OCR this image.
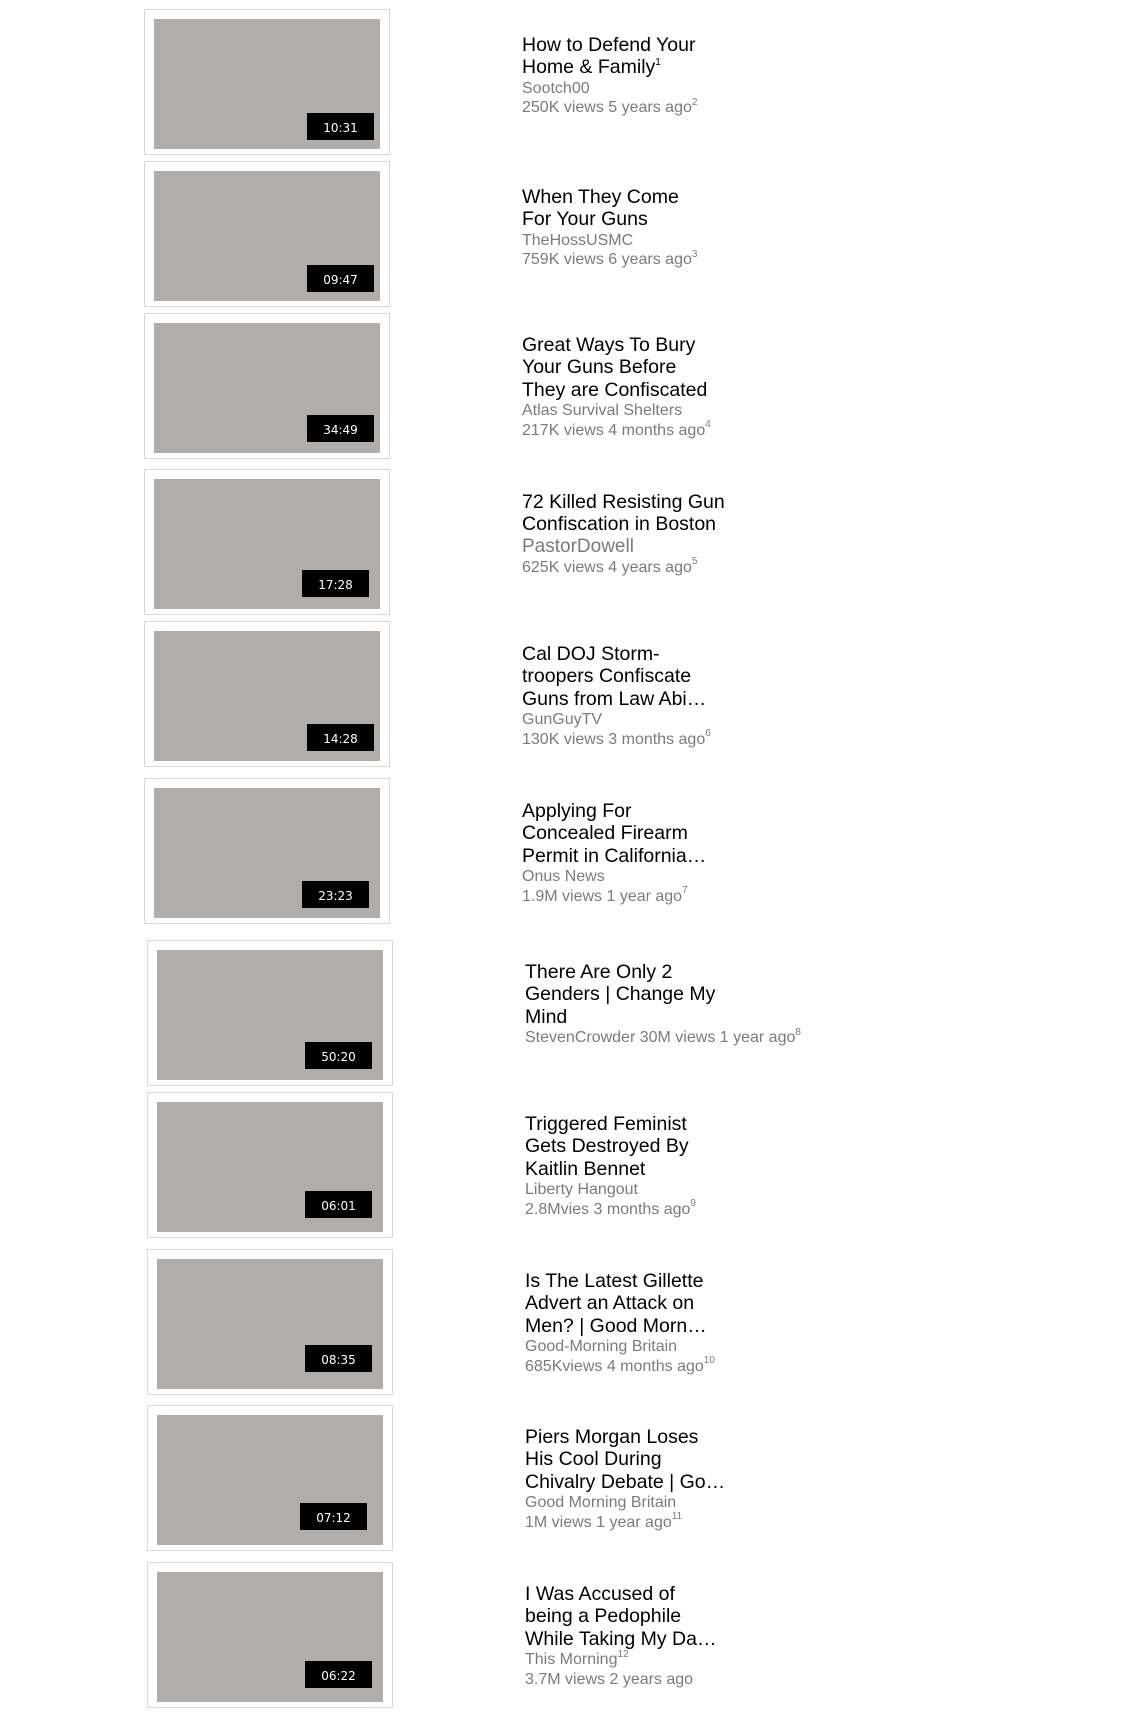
10:31
How to Defend Your
Home & Family$^1$
Sootch00
250K views 5 years ago$^2$
09:47
When They Come
For Your Guns
TheHossUSMC
759K views 6 years ago$^3$
34:49
Great Ways To Bury
Your Guns Before
They are Confiscated
Atlas Survival Shelters
217K views 4 months ago$^4$
17:28
72 Killed Resisting Gun
Confiscation in Boston
PastorDowell
625K views 4 years ago$^5$
14:28
Cal DOJ Storm-
troopers Confiscate
Guns from Law Abi…
GunGuyTV
130K views 3 months ago$^6$
23:23
Applying For
Concealed Firearm
Permit in California…
Onus News
1.9M views 1 year ago$^7$
50:20
There Are Only 2
Genders | Change My
Mind
StevenCrowder 30M views 1 year ago$^8$
06:01
Triggered Feminist
Gets Destroyed By
Kaitlin Bennet
Liberty Hangout
2.8Mvies 3 months ago$^9$
08:35
Is The Latest Gillette
Advert an Attack on
Men? | Good Morn…
Good-Morning Britain
685Kviews 4 months ago$^{10}$
07:12
Piers Morgan Loses
His Cool During
Chivalry Debate | Go…
Good Morning Britain
1M views 1 year ago$^{11}$
06:22
I Was Accused of
being a Pedophile
While Taking My Da…
This Morning$^{12}$
3.7M views 2 years ago
